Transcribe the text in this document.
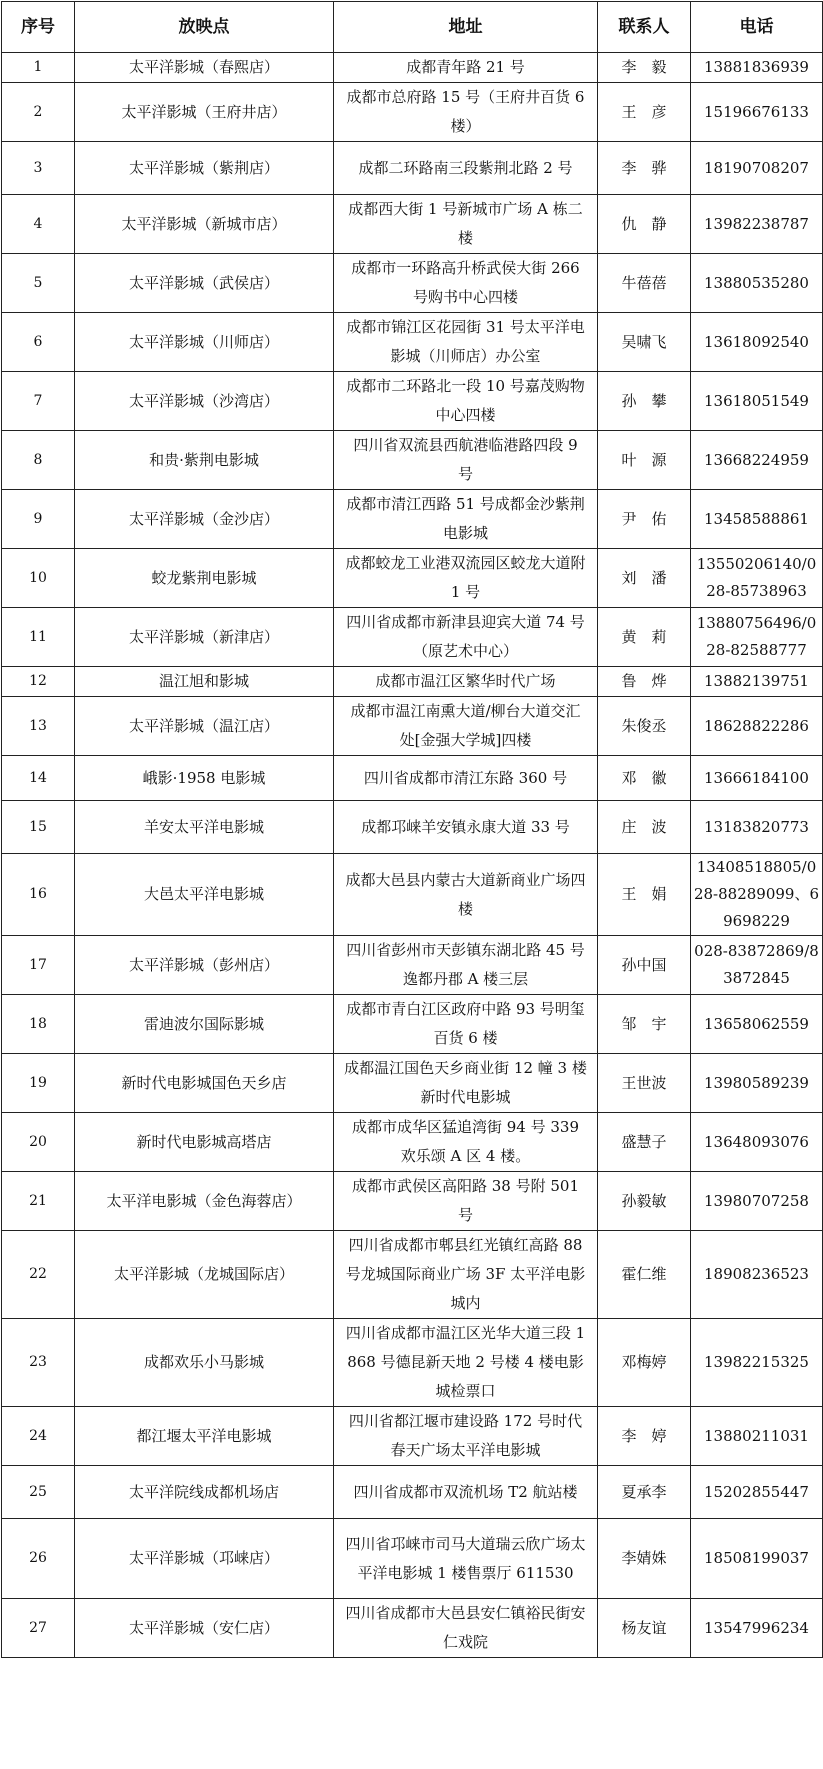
序号	放映点	地址	联系人	电话
1	太平洋影城（春熙店）	成都青年路 21 号	李　毅	13881836939
2	太平洋影城（王府井店）	成都市总府路 15 号（王府井百货 6 楼）	王　彦	15196676133
3	太平洋影城（紫荆店）	成都二环路南三段紫荆北路 2 号	李　骅	18190708207
4	太平洋影城（新城市店）	成都西大街 1 号新城市广场 A 栋二楼	仇　静	13982238787
5	太平洋影城（武侯店）	成都市一环路高升桥武侯大街 266 号购书中心四楼	牛蓓蓓	13880535280
6	太平洋影城（川师店）	成都市锦江区花园街 31 号太平洋电影城（川师店）办公室	吴啸飞	13618092540
7	太平洋影城（沙湾店）	成都市二环路北一段 10 号嘉茂购物中心四楼	孙　攀	13618051549
8	和贵·紫荆电影城	四川省双流县西航港临港路四段 9 号	叶　源	13668224959
9	太平洋影城（金沙店）	成都市清江西路 51 号成都金沙紫荆电影城	尹　佑	13458588861
10	蛟龙紫荆电影城	成都蛟龙工业港双流园区蛟龙大道附 1 号	刘　潘	13550206140/028-85738963
11	太平洋影城（新津店）	四川省成都市新津县迎宾大道 74 号（原艺术中心）	黄　莉	13880756496/028-82588777
12	温江旭和影城	成都市温江区繁华时代广场	鲁　烨	13882139751
13	太平洋影城（温江店）	成都市温江南熏大道/柳台大道交汇处[金强大学城]四楼	朱俊丞	18628822286
14	峨影·1958 电影城	四川省成都市清江东路 360 号	邓　徽	13666184100
15	羊安太平洋电影城	成都邛崃羊安镇永康大道 33 号	庄　波	13183820773
16	大邑太平洋电影城	成都大邑县内蒙古大道新商业广场四楼	王　娟	13408518805/028-88289099、69698229
17	太平洋影城（彭州店）	四川省彭州市天彭镇东湖北路 45 号逸都丹郡 A 楼三层	孙中国	028-83872869/83872845
18	雷迪波尔国际影城	成都市青白江区政府中路 93 号明玺百货 6 楼	邹　宇	13658062559
19	新时代电影城国色天乡店	成都温江国色天乡商业街 12 幢 3 楼新时代电影城	王世波	13980589239
20	新时代电影城高塔店	成都市成华区猛追湾街 94 号 339 欢乐颂 A 区 4 楼。	盛慧子	13648093076
21	太平洋电影城（金色海蓉店）	成都市武侯区高阳路 38 号附 501 号	孙毅敏	13980707258
22	太平洋影城（龙城国际店）	四川省成都市郫县红光镇红高路 88 号龙城国际商业广场 3F 太平洋电影城内	霍仁维	18908236523
23	成都欢乐小马影城	四川省成都市温江区光华大道三段 1868 号德昆新天地 2 号楼 4 楼电影城检票口	邓梅婷	13982215325
24	都江堰太平洋电影城	四川省都江堰市建设路 172 号时代春天广场太平洋电影城	李　婷	13880211031
25	太平洋院线成都机场店	四川省成都市双流机场 T2 航站楼	夏承李	15202855447
26	太平洋影城（邛崃店）	四川省邛崃市司马大道瑞云欣广场太平洋电影城 1 楼售票厅 611530	李婧姝	18508199037
27	太平洋影城（安仁店）	四川省成都市大邑县安仁镇裕民街安仁戏院	杨友谊	13547996234
